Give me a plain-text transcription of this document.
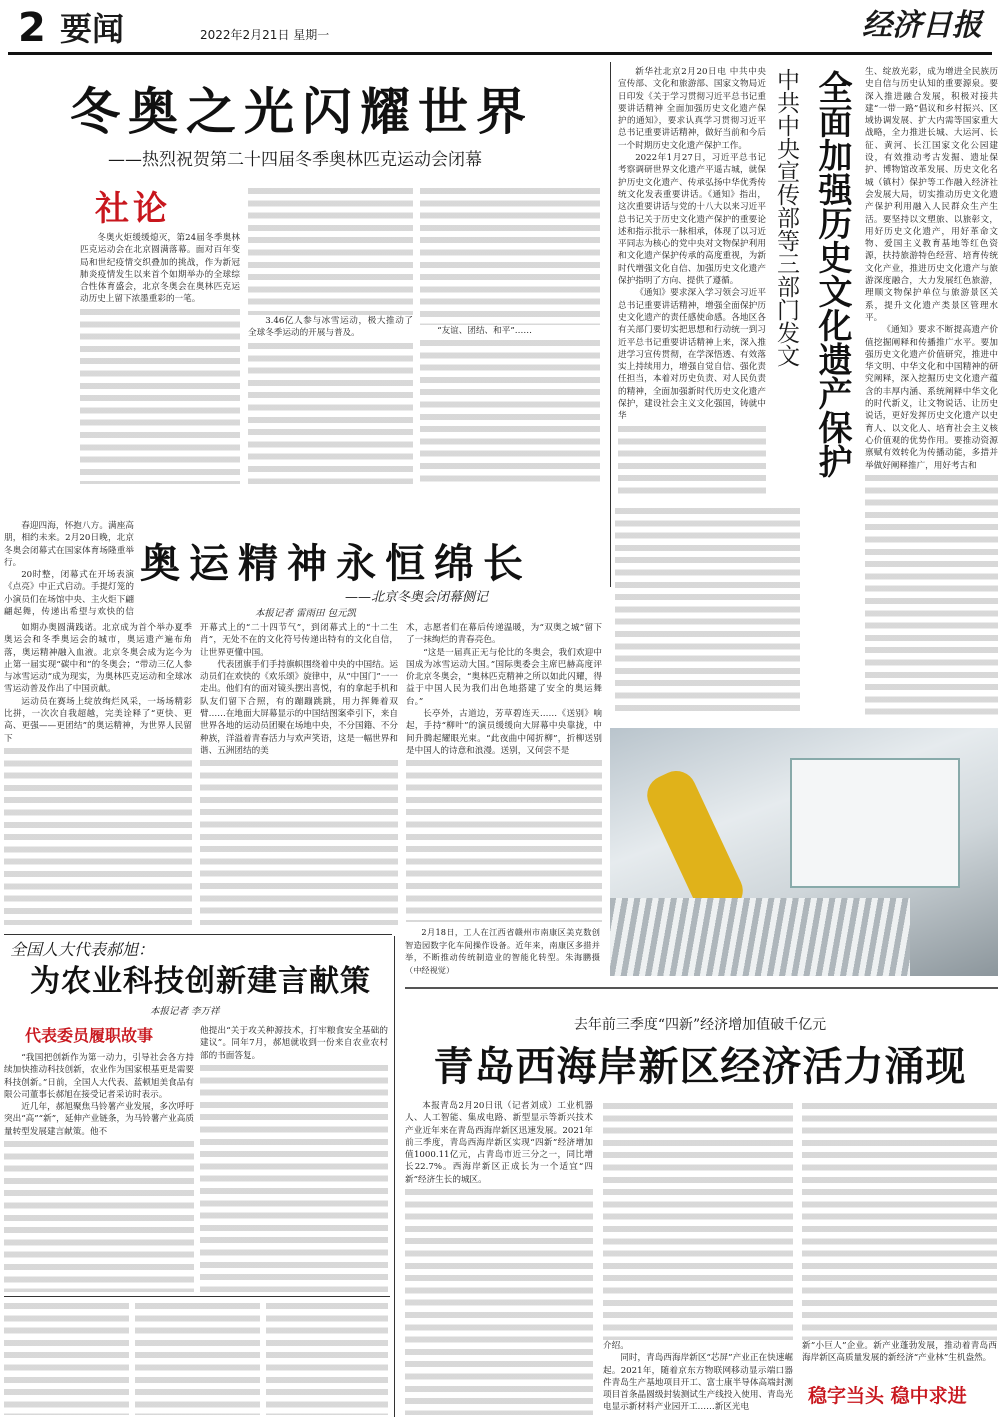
2 要闻	2022年2月21日 星期一	经济日报
冬奥之光闪耀世界
——热烈祝贺第二十四届冬季奥林匹克运动会闭幕
社论

冬奥火炬缓缓熄灭，第24届冬季奥林匹克运动会在北京圆满落幕。面对百年变局和世纪疫情交织叠加的挑战，作为新冠肺炎疫情发生以来首个如期举办的全球综合性体育盛会，北京冬奥会在奥林匹克运动历史上留下浓墨重彩的一笔。

3.46亿人参与冰雪运动，极大推动了全球冬季运动的开展与普及。	“友谊、团结、和平”……

新华社北京2月20日电 中共中央宣传部、文化和旅游部、国家文物局近日印发《关于学习贯彻习近平总书记重要讲话精神 全面加强历史文化遗产保护的通知》，要求认真学习贯彻习近平总书记重要讲话精神，做好当前和今后一个时期历史文化遗产保护工作。

2022年1月27日，习近平总书记考察调研世界文化遗产平遥古城，就保护历史文化遗产、传承弘扬中华优秀传统文化发表重要讲话。《通知》指出，这次重要讲话与党的十八大以来习近平总书记关于历史文化遗产保护的重要论述和指示批示一脉相承，体现了以习近平同志为核心的党中央对文物保护利用和文化遗产保护传承的高度重视，为新时代增强文化自信、加强历史文化遗产保护指明了方向、提供了遵循。

《通知》要求深入学习领会习近平总书记重要讲话精神，增强全面保护历史文化遗产的责任感使命感。各地区各有关部门要切实把思想和行动统一到习近平总书记重要讲话精神上来，深入推进学习宣传贯彻，在学深悟透、有效落实上持续用力，增强自觉自信、强化责任担当，本着对历史负责、对人民负责的精神，全面加强新时代历史文化遗产保护，建设社会主义文化强国，铸就中华

中共中央宣传部等三部门发文 全面加强历史文化遗产保护	生、绽放光彩，成为增进全民族历史自信与历史认知的重要源泉。要深入推进融合发展，积极对接共建“一带一路”倡议和乡村振兴、区域协调发展、扩大内需等国家重大战略，全力推进长城、大运河、长征、黄河、长江国家文化公园建设，有效推动考古发掘、遗址保护、博物馆改革发展、历史文化名城（镇村）保护等工作融入经济社会发展大局，切实推动历史文化遗产保护利用融入人民群众生产生活。要坚持以文塑旅、以旅彰文，用好历史文化遗产，用好革命文物、爱国主义教育基地等红色资源，扶持旅游特色经营、培育传统文化产业，推进历史文化遗产与旅游深度融合，大力发展红色旅游，理顺文物保护单位与旅游景区关系，提升文化遗产类景区管理水平。

《通知》要求不断提高遗产价值挖掘阐释和传播推广水平。要加强历史文化遗产价值研究，推进中华文明、中华文化和中国精神的研究阐释，深入挖掘历史文化遗产蕴含的丰厚内涵、系统阐释中华文化的时代新义，让文物说话、让历史说话，更好发挥历史文化遗产以史育人、以文化人、培育社会主义核心价值观的优势作用。要推动资源禀赋有效转化为传播动能，多措并举做好阐释推广，用好考古和

2月18日，工人在江西省赣州市南康区美克数创智造园数字化车间操作设备。近年来，南康区多措并举，不断推动传统制造业的智能化转型。朱海鹏摄（中经视觉）

春迎四海，怀抱八方。满座高朋，相约未来。2月20日晚，北京冬奥会闭幕式在国家体育场隆重举行。

20时整，闭幕式在开场表演《点亮》中正式启动。手提灯笼的小演员们在场馆中央、主火炬下翩翩起舞，传递出希望与欢快的信

奥运精神永恒绵长
——北京冬奥会闭幕侧记
本报记者 雷雨田 包元凯

如期办奥圆满践诺。北京成为首个举办夏季奥运会和冬季奥运会的城市，奥运遗产遍布角落，奥运精神融入血液。北京冬奥会成为迄今为止第一届实现“碳中和”的冬奥会；“带动三亿人参与冰雪运动”成为现实，为奥林匹克运动和全球冰雪运动普及作出了中国贡献。

运动员在赛场上绽放绚烂风采，一场场精彩比拼，一次次自我超越，完美诠释了“更快、更高、更强——更团结”的奥运精神，为世界人民留下

开幕式上的“二十四节气”，到闭幕式上的“十二生肖”，无处不在的文化符号传递出特有的文化自信，让世界更懂中国。

代表团旗手们手持旗帜围绕着中央的中国结。运动员们在欢快的《欢乐颂》旋律中，从“中国门”一一走出。他们有的面对镜头摆出喜悦，有的拿起手机和队友们留下合照，有的蹦蹦跳跳，用力挥舞着双臂……在地面大屏幕显示的中国结图案牵引下，来自世界各地的运动员团聚在场地中央，不分国籍、不分种族，洋溢着青春活力与欢声笑语，这是一幅世界和谐、五洲团结的美

术，志愿者们在幕后传递温暖，为“双奥之城”留下了一抹绚烂的青春亮色。

“这是一届真正无与伦比的冬奥会，我们欢迎中国成为冰雪运动大国。”国际奥委会主席巴赫高度评价北京冬奥会，“奥林匹克精神之所以如此闪耀，得益于中国人民为我们出色地搭建了安全的奥运舞台。”

长亭外，古道边，芳草碧连天……《送别》响起，手持“柳叶”的演员缓缓向大屏幕中央靠拢，中间升腾起耀眼光束。“此夜曲中闻折柳”，折柳送别是中国人的诗意和浪漫。送别，又何尝不是

全国人大代表郝旭：
为农业科技创新建言献策
本报记者 李万祥
代表委员履职故事

“我国把创新作为第一动力，引导社会各方持续加快推动科技创新，农业作为国家根基更是需要科技创新。”日前，全国人大代表、蓝顿旭美食品有限公司董事长郝旭在接受记者采访时表示。

近几年，郝旭聚焦马铃薯产业发展，多次呼吁突出“高”“新”，延伸产业链条，为马铃薯产业高质量转型发展建言献策。他不

他提出“关于攻关种源技术，打牢粮食安全基础的建议”。同年7月，郝旭就收到一份来自农业农村部的书面答复。

去年前三季度“四新”经济增加值破千亿元
青岛西海岸新区经济活力涌现

本报青岛2月20日讯（记者刘成）工业机器人、人工智能、集成电路、新型显示等新兴技术产业近年来在青岛西海岸新区迅速发展。2021年前三季度，青岛西海岸新区实现“四新”经济增加值1000.11亿元，占青岛市近三分之一，同比增长22.7%。西海岸新区正成长为一个适宜“四新”经济生长的城区。

介绍。

同时，青岛西海岸新区“芯屏”产业正在快速崛起。2021年，随着京东方物联网移动显示端口器件青岛生产基地项目开工、富士康半导体高端封测项目首条晶圆级封装测试生产线投入使用、青岛光电显示新材料产业园开工……新区光电

新”小巨人”企业。新产业蓬勃发展，推动着青岛西海岸新区高质量发展的新经济“产业林”生机盎然。

稳字当头 稳中求进
